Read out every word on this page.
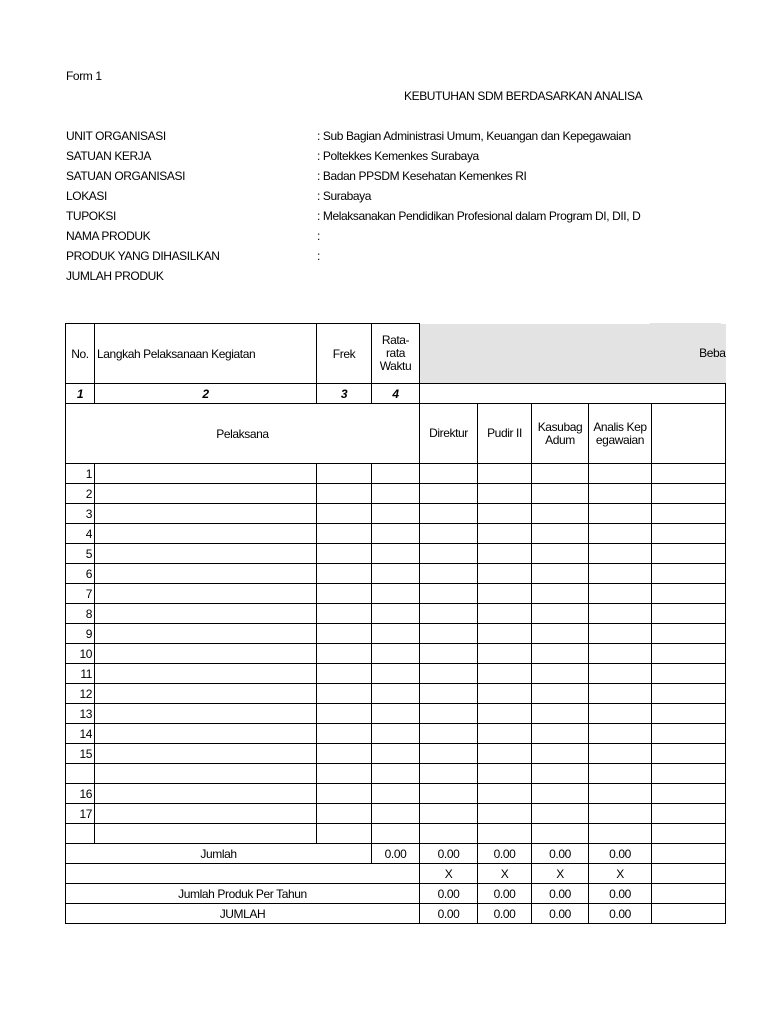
Form 1
KEBUTUHAN SDM BERDASARKAN ANALISA
UNIT ORGANISASI	: Sub Bagian Administrasi Umum, Keuangan dan Kepegawaian
SATUAN KERJA	: Poltekkes Kemenkes Surabaya
SATUAN ORGANISASI	: Badan PPSDM Kesehatan Kemenkes RI
LOKASI	: Surabaya
TUPOKSI	: Melaksanakan Pendidikan Profesional dalam Program DI, DII, D
NAMA PRODUK	:
PRODUK YANG DIHASILKAN	:
JUMLAH PRODUK
No.	Langkah Pelaksanaan Kegiatan	Frek	Rata-rata Waktu	Beba				
1	2	3	4					
Pelaksana				Direktur	Pudir II	Kasubag Adum	Analis Kepegawaian	
1								
2								
3								
4								
5								
6								
7								
8								
9								
10								
11								
12								
13								
14								
15								

16								
17								

Jumlah			0.00	0.00	0.00	0.00	0.00	
				X	X	X	X	
Jumlah Produk Per Tahun				0.00	0.00	0.00	0.00	
JUMLAH				0.00	0.00	0.00	0.00	
